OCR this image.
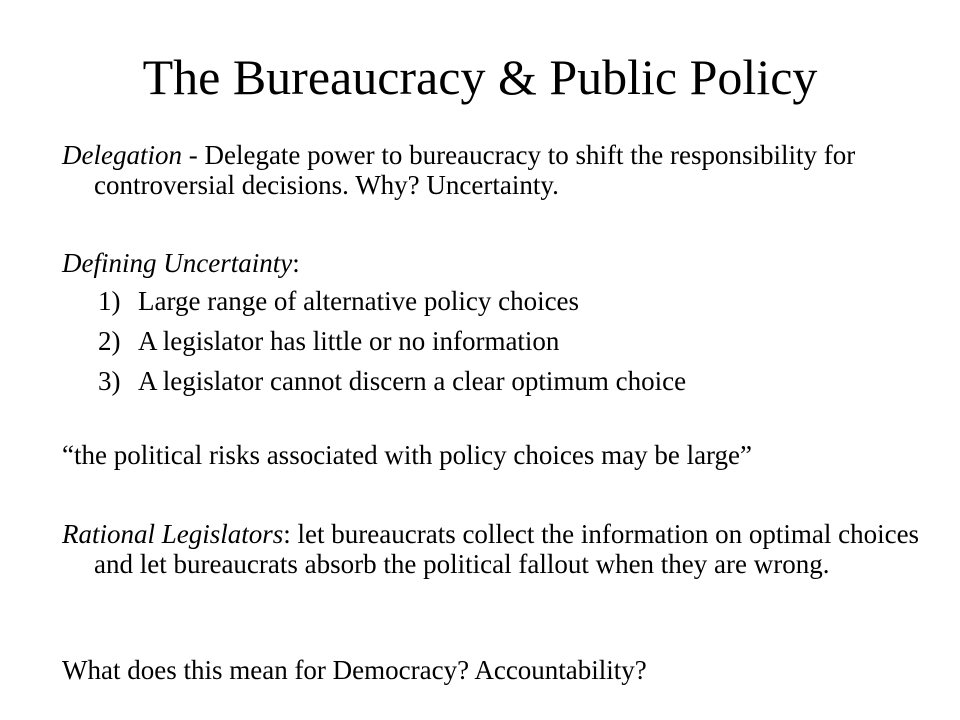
The Bureaucracy & Public Policy

Delegation - Delegate power to bureaucracy to shift the responsibility for controversial decisions. Why? Uncertainty.

Defining Uncertainty:

1) Large range of alternative policy choices
2) A legislator has little or no information
3) A legislator cannot discern a clear optimum choice

“the political risks associated with policy choices may be large”

Rational Legislators: let bureaucrats collect the information on optimal choices and let bureaucrats absorb the political fallout when they are wrong.

What does this mean for Democracy? Accountability?
